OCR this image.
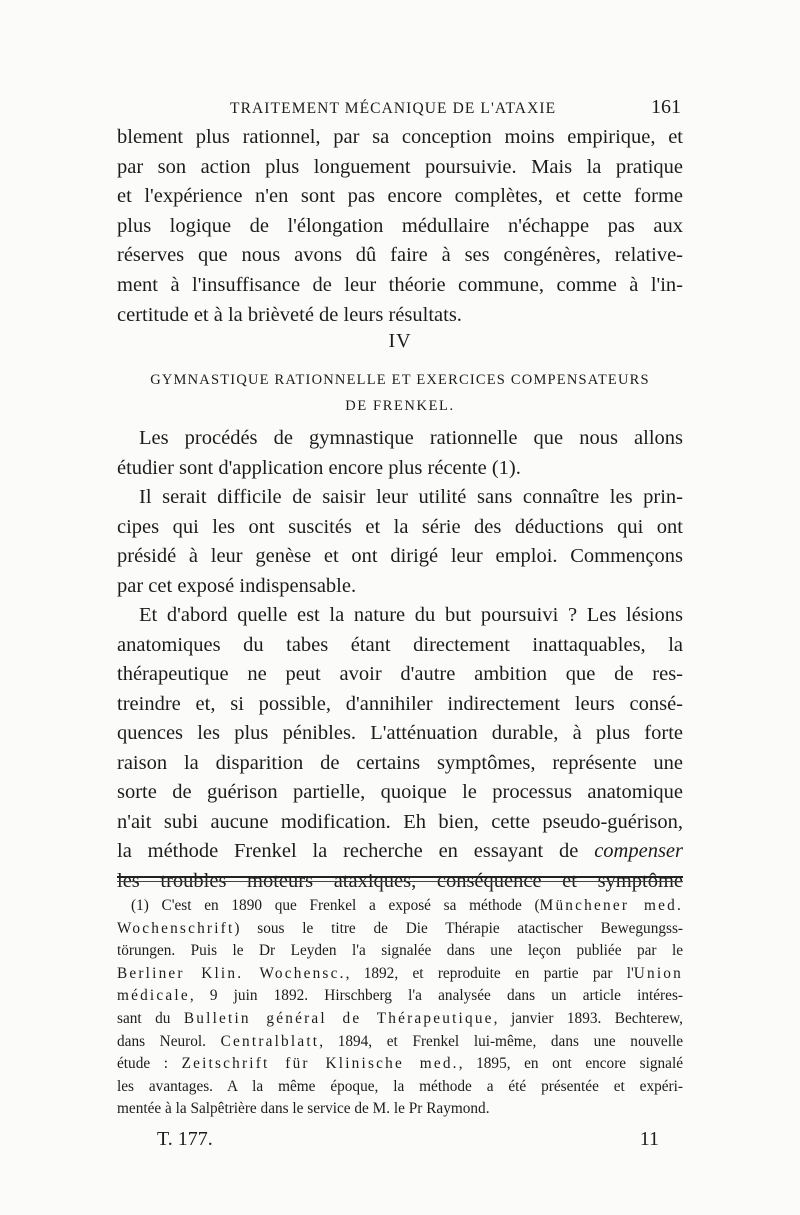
TRAITEMENT MÉCANIQUE DE L'ATAXIE	161
blement plus rationnel, par sa conception moins empirique, et
par son action plus longuement poursuivie. Mais la pratique
et l'expérience n'en sont pas encore complètes, et cette forme
plus logique de l'élongation médullaire n'échappe pas aux
réserves que nous avons dû faire à ses congénères, relative-
ment à l'insuffisance de leur théorie commune, comme à l'in-
certitude et à la brièveté de leurs résultats.
IV
GYMNASTIQUE RATIONNELLE ET EXERCICES COMPENSATEURS
DE FRENKEL.
Les procédés de gymnastique rationnelle que nous allons
étudier sont d'application encore plus récente (1).
Il serait difficile de saisir leur utilité sans connaître les prin-
cipes qui les ont suscités et la série des déductions qui ont
présidé à leur genèse et ont dirigé leur emploi. Commençons
par cet exposé indispensable.
Et d'abord quelle est la nature du but poursuivi ? Les lésions
anatomiques du tabes étant directement inattaquables, la
thérapeutique ne peut avoir d'autre ambition que de res-
treindre et, si possible, d'annihiler indirectement leurs consé-
quences les plus pénibles. L'atténuation durable, à plus forte
raison la disparition de certains symptômes, représente une
sorte de guérison partielle, quoique le processus anatomique
n'ait subi aucune modification. Eh bien, cette pseudo-guérison,
la méthode Frenkel la recherche en essayant de compenser
(1) C'est en 1890 que Frenkel a exposé sa méthode (Münchener med.
Wochenschrift) sous le titre de Die Thérapie atactischer Bewegungss-
törungen. Puis le Dr Leyden l'a signalée dans une leçon publiée par le
Berliner Klin. Wochensc., 1892, et reproduite en partie par l'Union
médicale, 9 juin 1892. Hirschberg l'a analysée dans un article intéres-
sant du Bulletin général de Thérapeutique, janvier 1893. Bechterew,
dans Neurol. Centralblatt, 1894, et Frenkel lui-même, dans une nouvelle
étude : Zeitschrift für Klinische med., 1895, en ont encore signalé
les avantages. A la même époque, la méthode a été présentée et expéri-
mentée à la Salpêtrière dans le service de M. le Pr Raymond.
T. 177.	11
